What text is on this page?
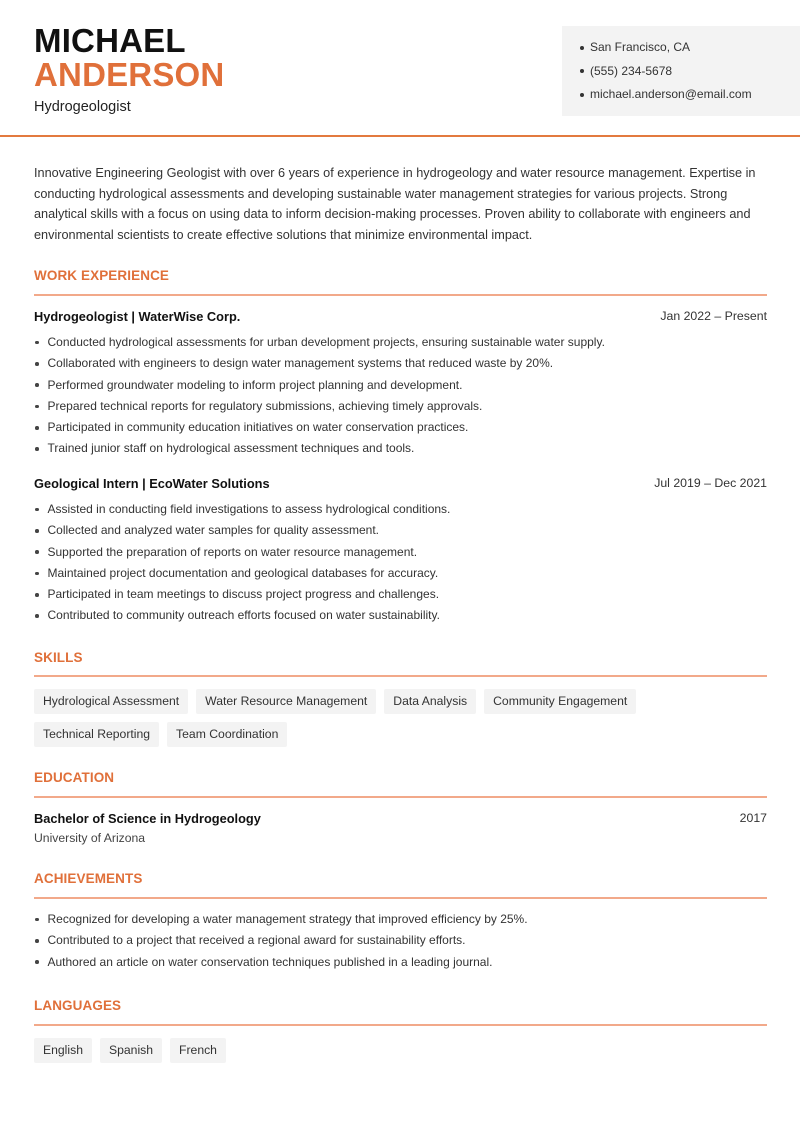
MICHAEL
ANDERSON
Hydrogeologist
San Francisco, CA
(555) 234-5678
michael.anderson@email.com

Innovative Engineering Geologist with over 6 years of experience in hydrogeology and water resource management. Expertise in conducting hydrological assessments and developing sustainable water management strategies for various projects. Strong analytical skills with a focus on using data to inform decision-making processes. Proven ability to collaborate with engineers and environmental scientists to create effective solutions that minimize environmental impact.

WORK EXPERIENCE
Hydrogeologist | WaterWise Corp.	Jan 2022 – Present
Conducted hydrological assessments for urban development projects, ensuring sustainable water supply.
Collaborated with engineers to design water management systems that reduced waste by 20%.
Performed groundwater modeling to inform project planning and development.
Prepared technical reports for regulatory submissions, achieving timely approvals.
Participated in community education initiatives on water conservation practices.
Trained junior staff on hydrological assessment techniques and tools.
Geological Intern | EcoWater Solutions	Jul 2019 – Dec 2021
Assisted in conducting field investigations to assess hydrological conditions.
Collected and analyzed water samples for quality assessment.
Supported the preparation of reports on water resource management.
Maintained project documentation and geological databases for accuracy.
Participated in team meetings to discuss project progress and challenges.
Contributed to community outreach efforts focused on water sustainability.
SKILLS
Hydrological Assessment	Water Resource Management	Data Analysis	Community Engagement
Technical Reporting	Team Coordination
EDUCATION
Bachelor of Science in Hydrogeology	2017
University of Arizona
ACHIEVEMENTS
Recognized for developing a water management strategy that improved efficiency by 25%.
Contributed to a project that received a regional award for sustainability efforts.
Authored an article on water conservation techniques published in a leading journal.
LANGUAGES
English	Spanish	French
